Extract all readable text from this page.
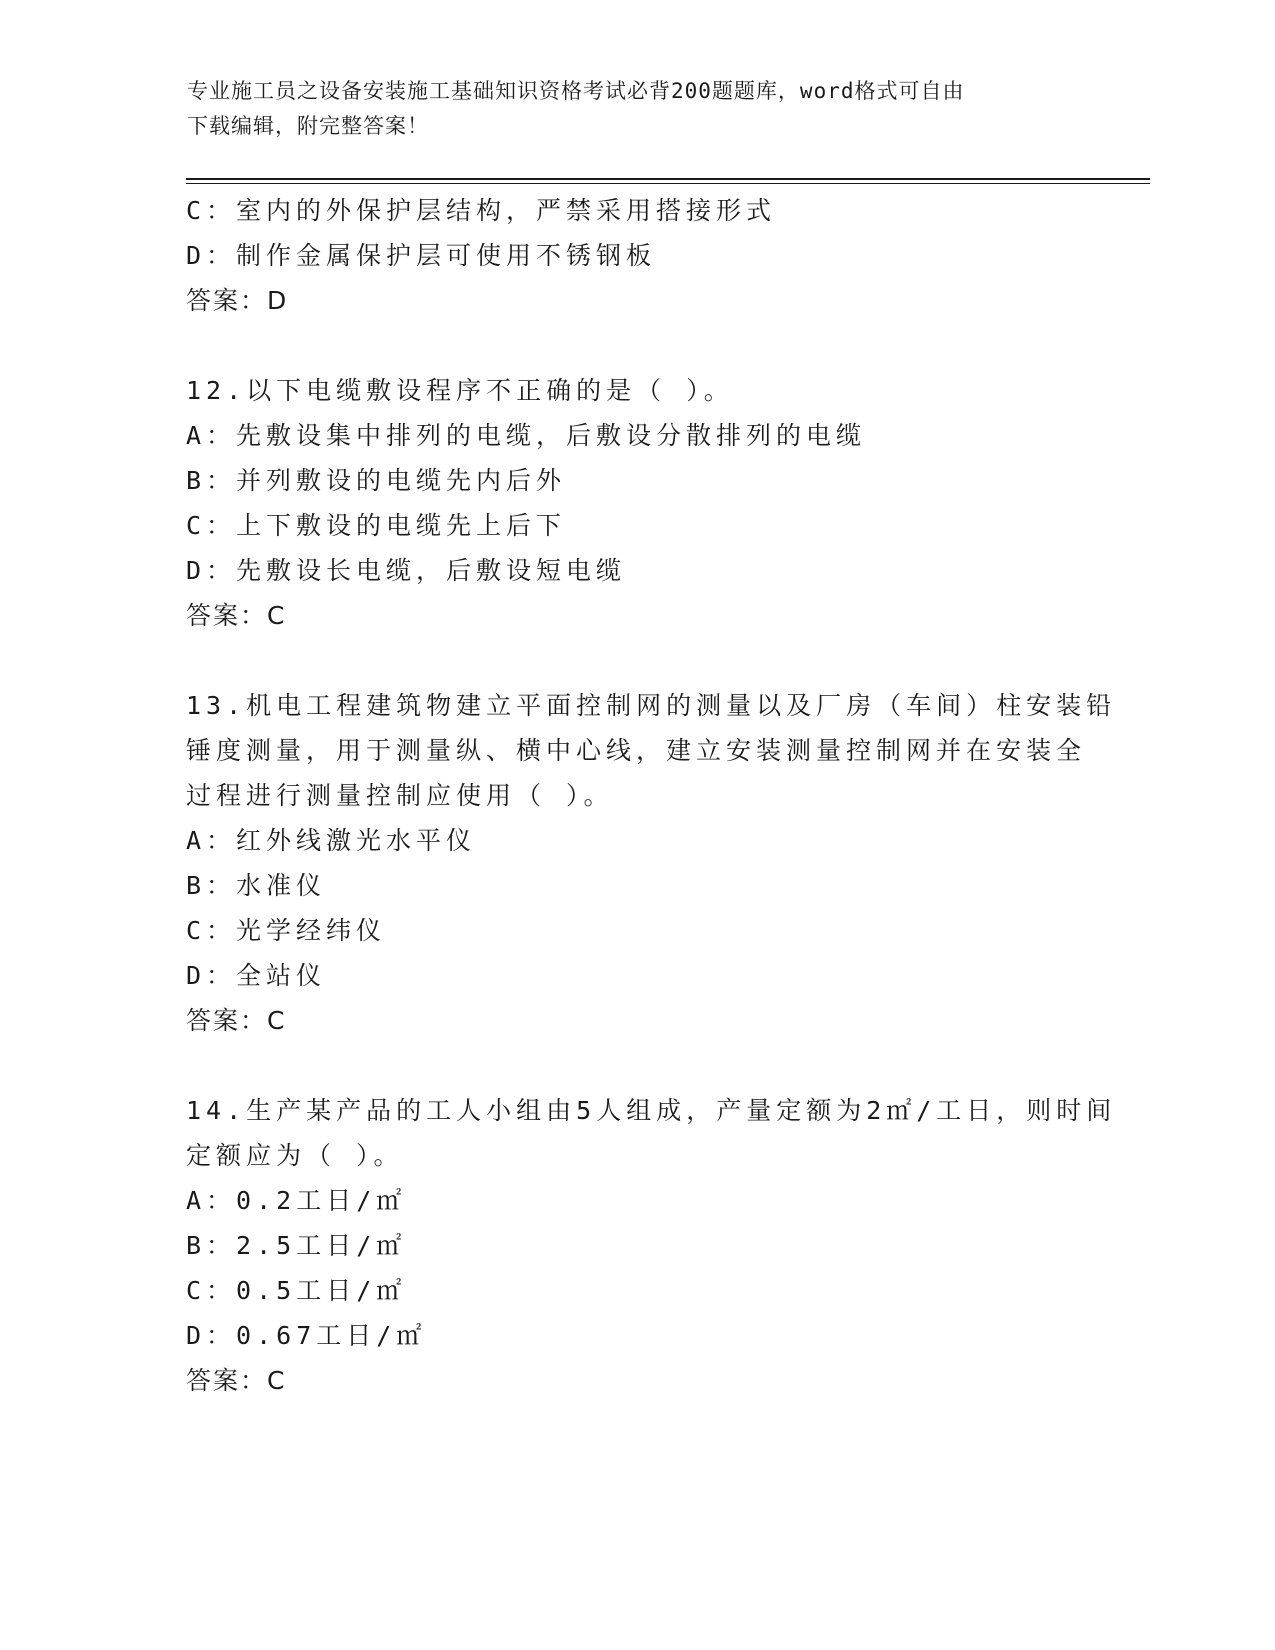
专业施工员之设备安装施工基础知识资格考试必背200题题库，word格式可自由
下载编辑，附完整答案！
C：室内的外保护层结构，严禁采用搭接形式
D：制作金属保护层可使用不锈钢板
答案：D
12.以下电缆敷设程序不正确的是（ ）。
A：先敷设集中排列的电缆，后敷设分散排列的电缆
B：并列敷设的电缆先内后外
C：上下敷设的电缆先上后下
D：先敷设长电缆，后敷设短电缆
答案：C
13.机电工程建筑物建立平面控制网的测量以及厂房（车间）柱安装铅
锤度测量，用于测量纵、横中心线，建立安装测量控制网并在安装全
过程进行测量控制应使用（ ）。
A：红外线激光水平仪
B：水准仪
C：光学经纬仪
D：全站仪
答案：C
14.生产某产品的工人小组由5人组成，产量定额为2㎡/工日，则时间
定额应为（ ）。
A：0.2工日/㎡
B：2.5工日/㎡
C：0.5工日/㎡
D：0.67工日/㎡
答案：C
